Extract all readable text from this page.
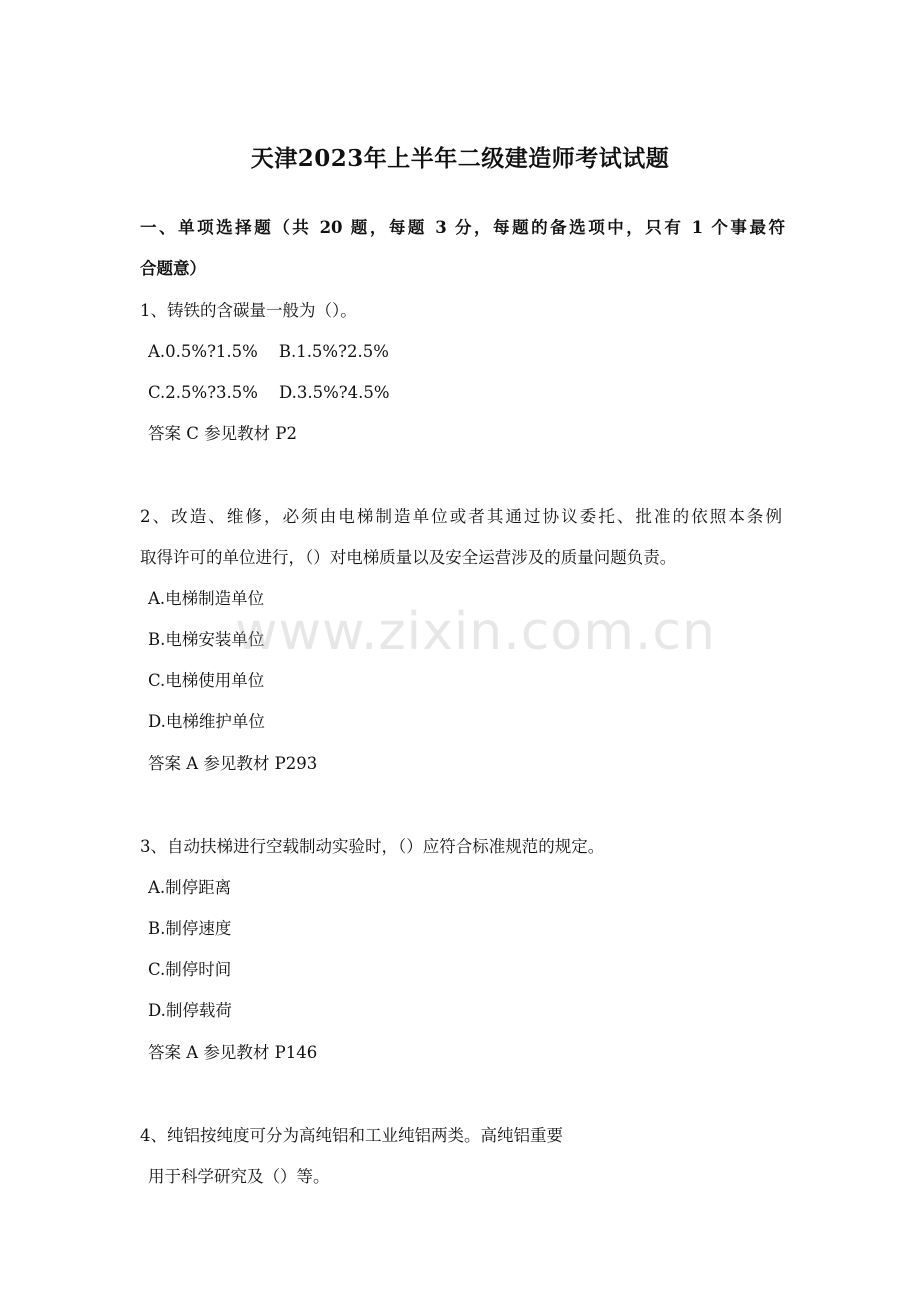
天津2023年上半年二级建造师考试试题
一、单项选择题（共 20 题，每题 3 分，每题的备选项中，只有 1 个事最符
合题意）
1、铸铁的含碳量一般为（）。
A.0.5%?1.5%    B.1.5%?2.5%
C.2.5%?3.5%    D.3.5%?4.5%
答案 C 参见教材 P2
2、改造、维修，必须由电梯制造单位或者其通过协议委托、批准的依照本条例
取得许可的单位进行，（）对电梯质量以及安全运营涉及的质量问题负责。
A.电梯制造单位
B.电梯安装单位
C.电梯使用单位
D.电梯维护单位
答案 A 参见教材 P293
3、自动扶梯进行空载制动实验时，（）应符合标准规范的规定。
A.制停距离
B.制停速度
C.制停时间
D.制停载荷
答案 A 参见教材 P146
4、纯铝按纯度可分为高纯铝和工业纯铝两类。高纯铝重要
用于科学研究及（）等。
www.zixin.com.cn
